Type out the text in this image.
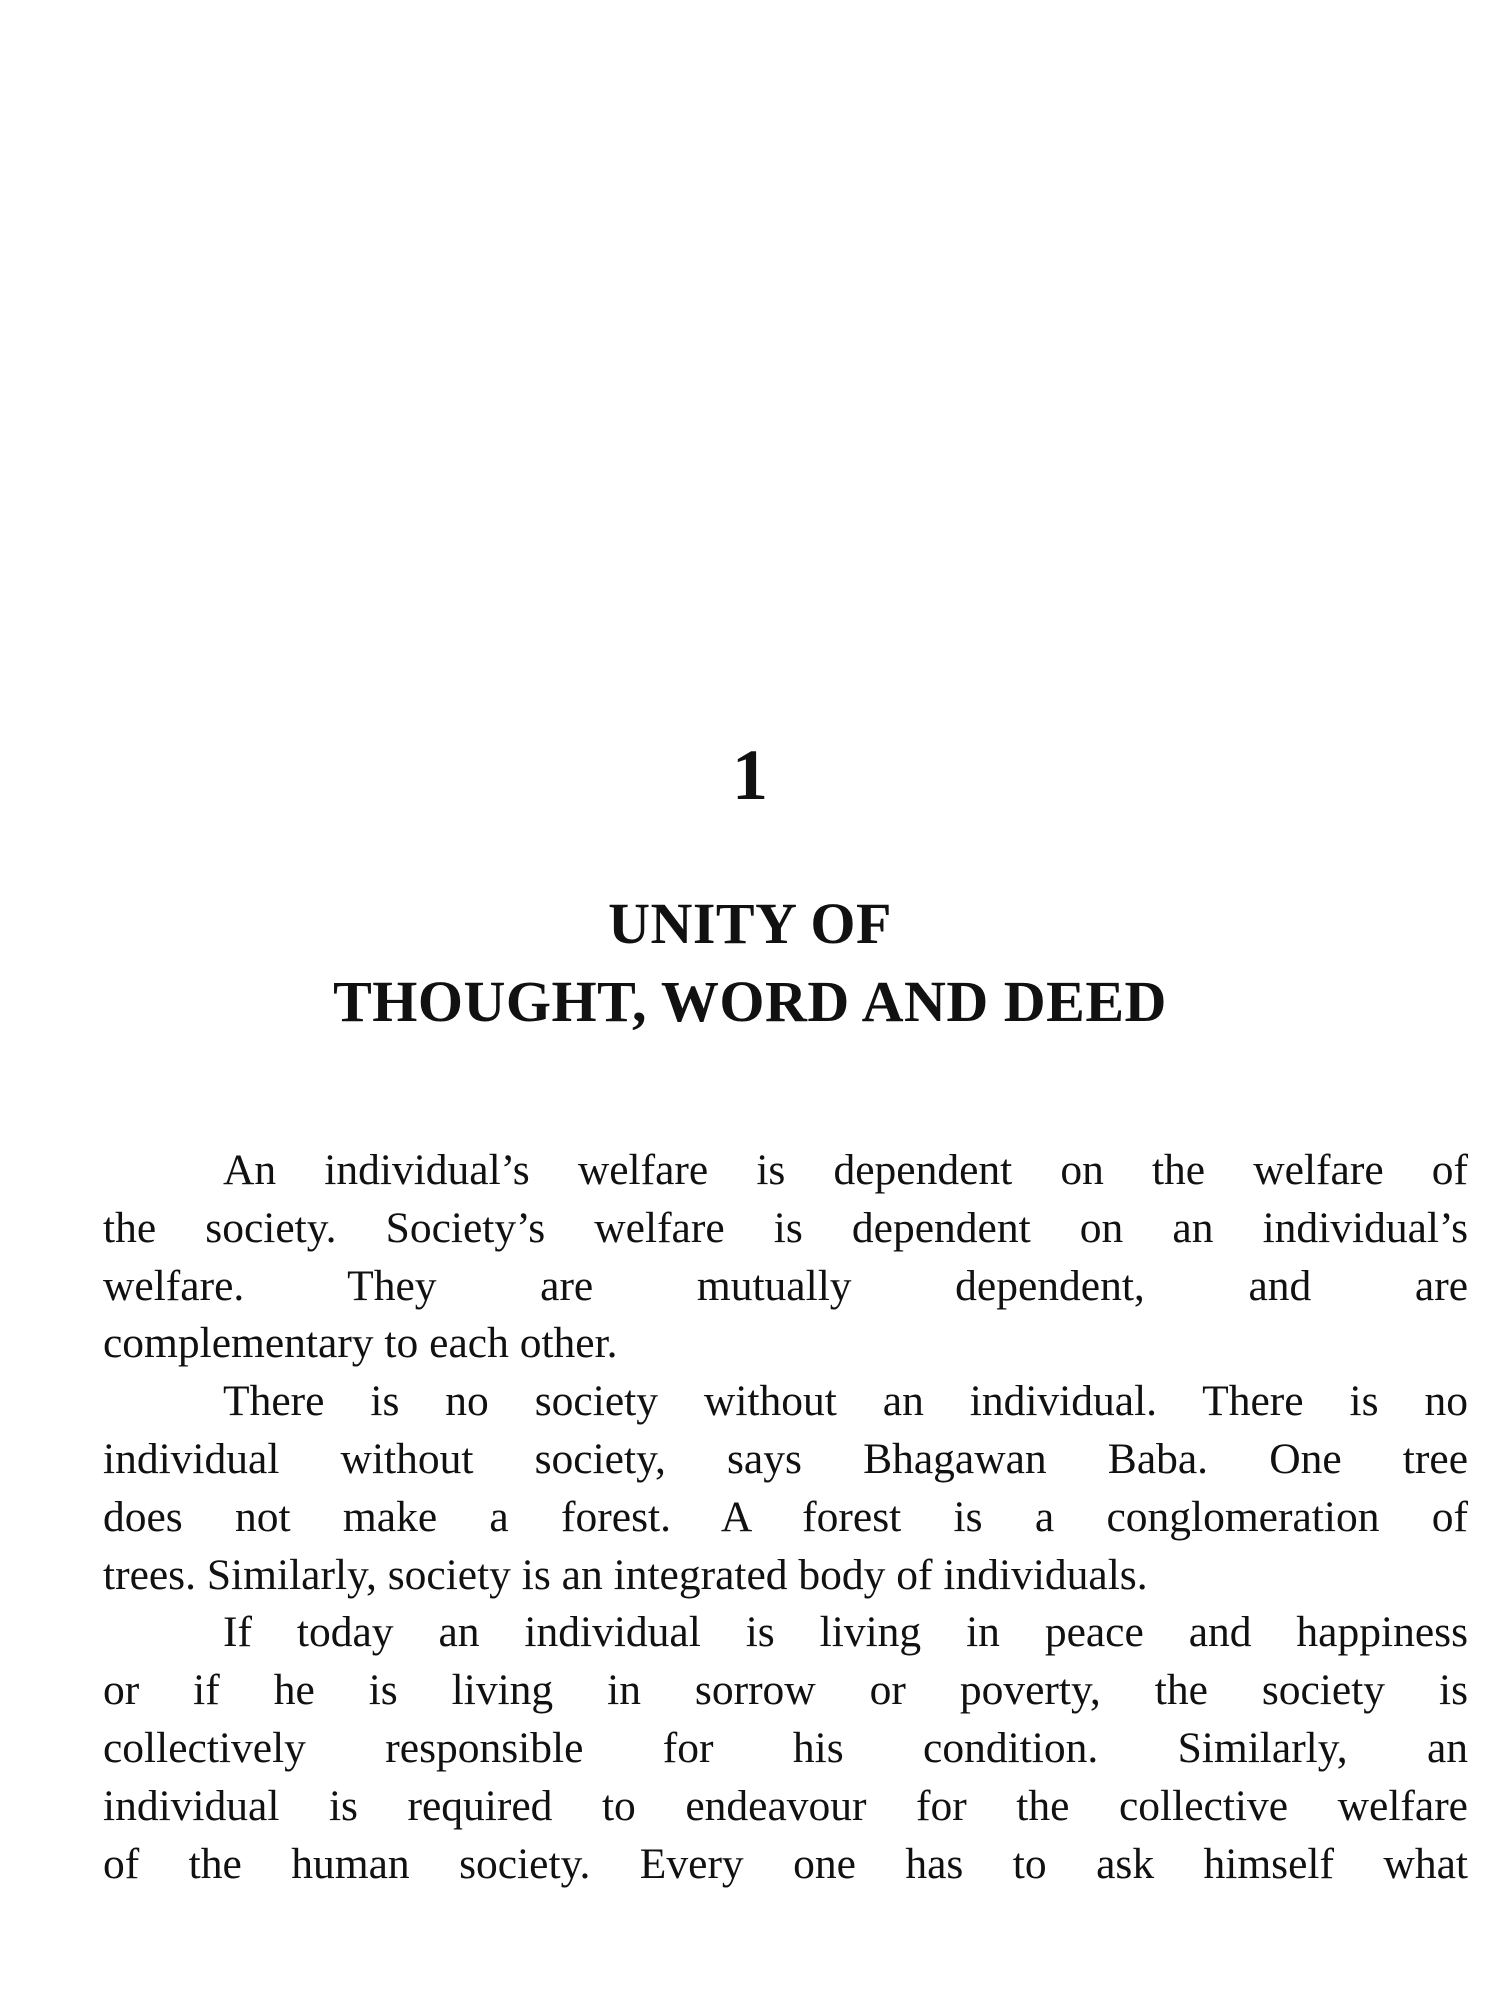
1
UNITY OF
THOUGHT, WORD AND DEED

An individual’s welfare is dependent on the welfare of
the society. Society’s welfare is dependent on an individual’s
welfare. They are mutually dependent, and are
complementary to each other.

There is no society without an individual. There is no
individual without society, says Bhagawan Baba. One tree
does not make a forest. A forest is a conglomeration of
trees. Similarly, society is an integrated body of individuals.

If today an individual is living in peace and happiness
or if he is living in sorrow or poverty, the society is
collectively responsible for his condition. Similarly, an
individual is required to endeavour for the collective welfare
of the human society. Every one has to ask himself what
